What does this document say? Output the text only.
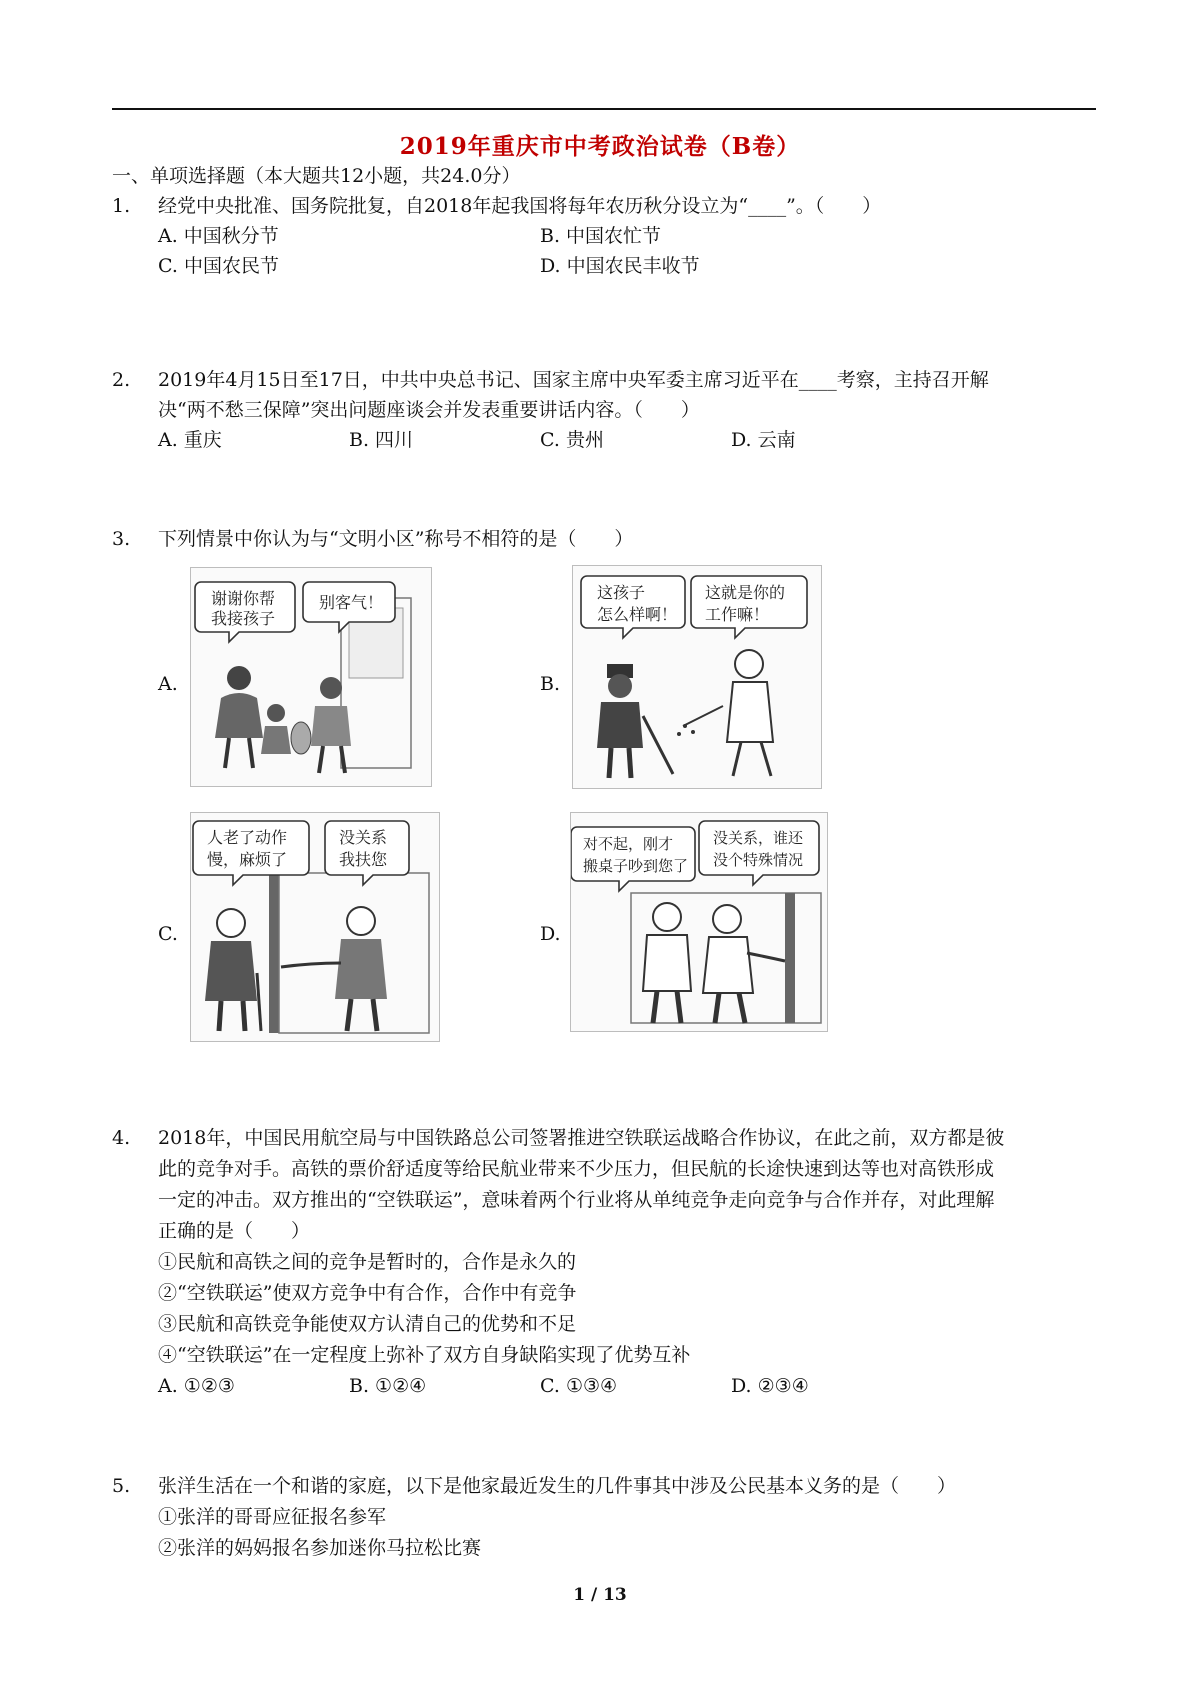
2019年重庆市中考政治试卷（B卷）
一、单项选择题（本大题共12小题，共24.0分）
1. 经党中央批准、国务院批复，自2018年起我国将每年农历秋分设立为“____”。（　　）
A. 中国秋分节	B. 中国农忙节
C. 中国农民节	D. 中国农民丰收节
2. 2019年4月15日至17日，中共中央总书记、国家主席中央军委主席习近平在____考察，主持召开解
决“两不愁三保障”突出问题座谈会并发表重要讲话内容。（　　）
A. 重庆	B. 四川	C. 贵州	D. 云南
3. 下列情景中你认为与“文明小区”称号不相符的是（　　）
A.	B.
C.	D.
谢谢你帮
我接孩子
别客气！
这孩子
怎么样啊！
这就是你的
工作嘛！
人老了动作
慢，麻烦了
没关系
我扶您
对不起，刚才
搬桌子吵到您了
没关系，谁还
没个特殊情况
4. 2018年，中国民用航空局与中国铁路总公司签署推进空铁联运战略合作协议，在此之前，双方都是彼
此的竞争对手。高铁的票价舒适度等给民航业带来不少压力，但民航的长途快速到达等也对高铁形成
一定的冲击。双方推出的“空铁联运”，意味着两个行业将从单纯竞争走向竞争与合作并存，对此理解
正确的是（　　）
①民航和高铁之间的竞争是暂时的，合作是永久的
②“空铁联运”使双方竞争中有合作，合作中有竞争
③民航和高铁竞争能使双方认清自己的优势和不足
④“空铁联运”在一定程度上弥补了双方自身缺陷实现了优势互补
A. ①②③	B. ①②④	C. ①③④	D. ②③④
5. 张洋生活在一个和谐的家庭，以下是他家最近发生的几件事其中涉及公民基本义务的是（　　）
①张洋的哥哥应征报名参军
②张洋的妈妈报名参加迷你马拉松比赛
1 / 13
